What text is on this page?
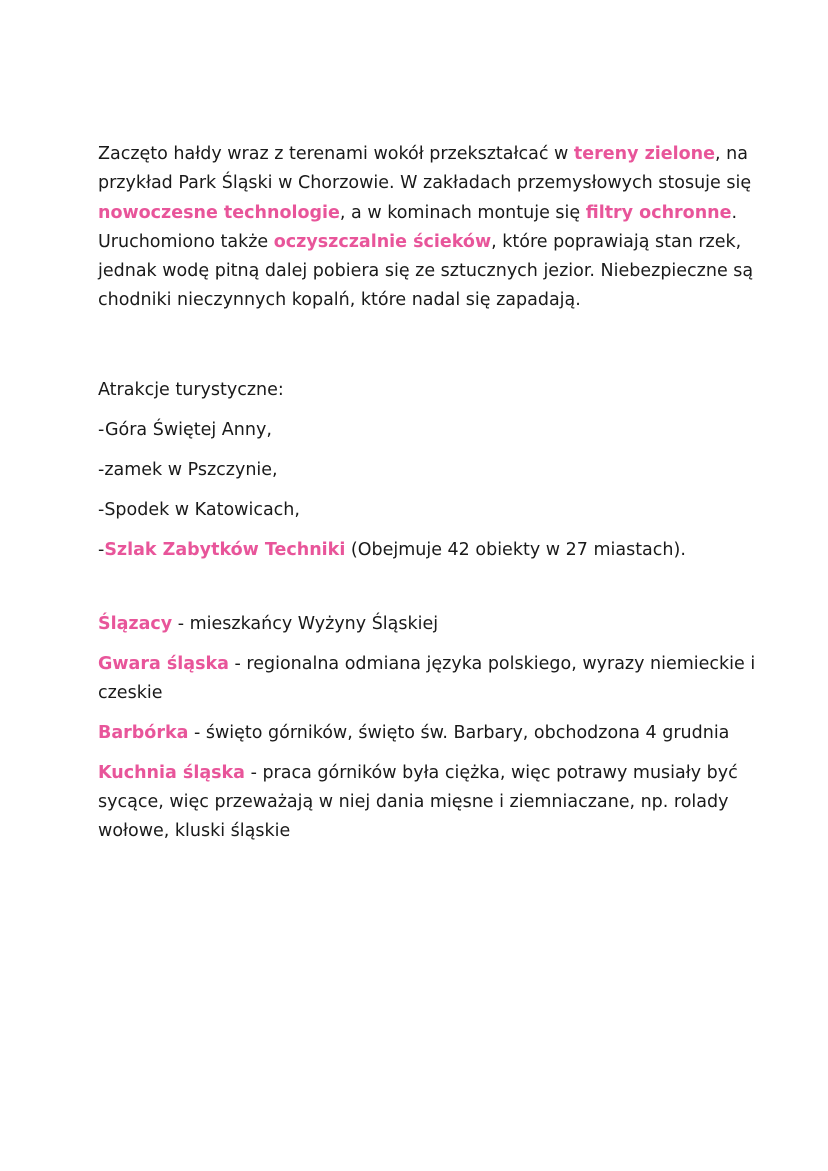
Zaczęto hałdy wraz z terenami wokół przekształcać w tereny zielone, na przykład Park Śląski w Chorzowie. W zakładach przemysłowych stosuje się nowoczesne technologie, a w kominach montuje się filtry ochronne. Uruchomiono także oczyszczalnie ścieków, które poprawiają stan rzek, jednak wodę pitną dalej pobiera się ze sztucznych jezior. Niebezpieczne są chodniki nieczynnych kopalń, które nadal się zapadają.

Atrakcje turystyczne:

-Góra Świętej Anny,

-zamek w Pszczynie,

-Spodek w Katowicach,

-Szlak Zabytków Techniki (Obejmuje 42 obiekty w 27 miastach).

Ślązacy - mieszkańcy Wyżyny Śląskiej

Gwara śląska - regionalna odmiana języka polskiego, wyrazy niemieckie i czeskie

Barbórka - święto górników, święto św. Barbary, obchodzona 4 grudnia

Kuchnia śląska - praca górników była ciężka, więc potrawy musiały być sycące, więc przeważają w niej dania mięsne i ziemniaczane, np. rolady wołowe, kluski śląskie
